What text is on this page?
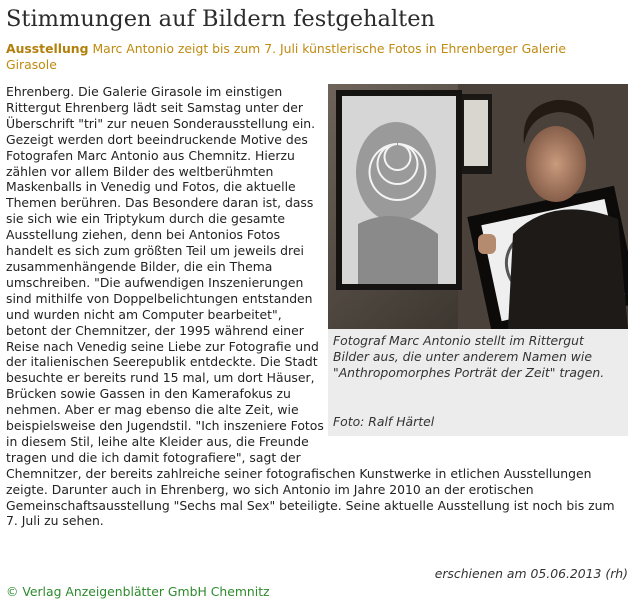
Stimmungen auf Bildern festgehalten
Ausstellung Marc Antonio zeigt bis zum 7. Juli künstlerische Fotos in Ehrenberger Galerie Girasole

Ehrenberg. Die Galerie Girasole im einstigen Rittergut Ehrenberg lädt seit Samstag unter der Überschrift "tri" zur neuen Sonderausstellung ein. Gezeigt werden dort beeindruckende Motive des Fotografen Marc Antonio aus Chemnitz. Hierzu zählen vor allem Bilder des weltberühmten Maskenballs in Venedig und Fotos, die aktuelle Themen berühren. Das Besondere daran ist, dass sie sich wie ein Triptykum durch die gesamte Ausstellung ziehen, denn bei Antonios Fotos handelt es sich zum größten Teil um jeweils drei zusammenhängende Bilder, die ein Thema umschreiben. "Die aufwendigen Inszenierungen sind mithilfe von Doppelbelichtungen entstanden und wurden nicht am Computer bearbeitet", betont der Chemnitzer, der 1995 während einer Reise nach Venedig seine Liebe zur Fotografie und der italienischen Seerepublik entdeckte. Die Stadt besuchte er bereits rund 15 mal, um dort Häuser, Brücken sowie Gassen in den Kamerafokus zu nehmen. Aber er mag ebenso die alte Zeit, wie beispielsweise den Jugendstil. "Ich inszeniere Fotos in diesem Stil, leihe alte Kleider aus, die Freunde tragen und die ich damit fotografiere", sagt der Chemnitzer, der bereits zahlreiche seiner fotografischen Kunstwerke in etlichen Ausstellungen zeigte. Darunter auch in Ehrenberg, wo sich Antonio im Jahre 2010 an der erotischen Gemeinschaftsausstellung "Sechs mal Sex" beteiligte. Seine aktuelle Ausstellung ist noch bis zum 7. Juli zu sehen.

Fotograf Marc Antonio stellt im Rittergut Bilder aus, die unter anderem Namen wie "Anthropomorphes Porträt der Zeit" tragen.
Foto: Ralf Härtel
erschienen am 05.06.2013 (rh)
© Verlag Anzeigenblätter GmbH Chemnitz
